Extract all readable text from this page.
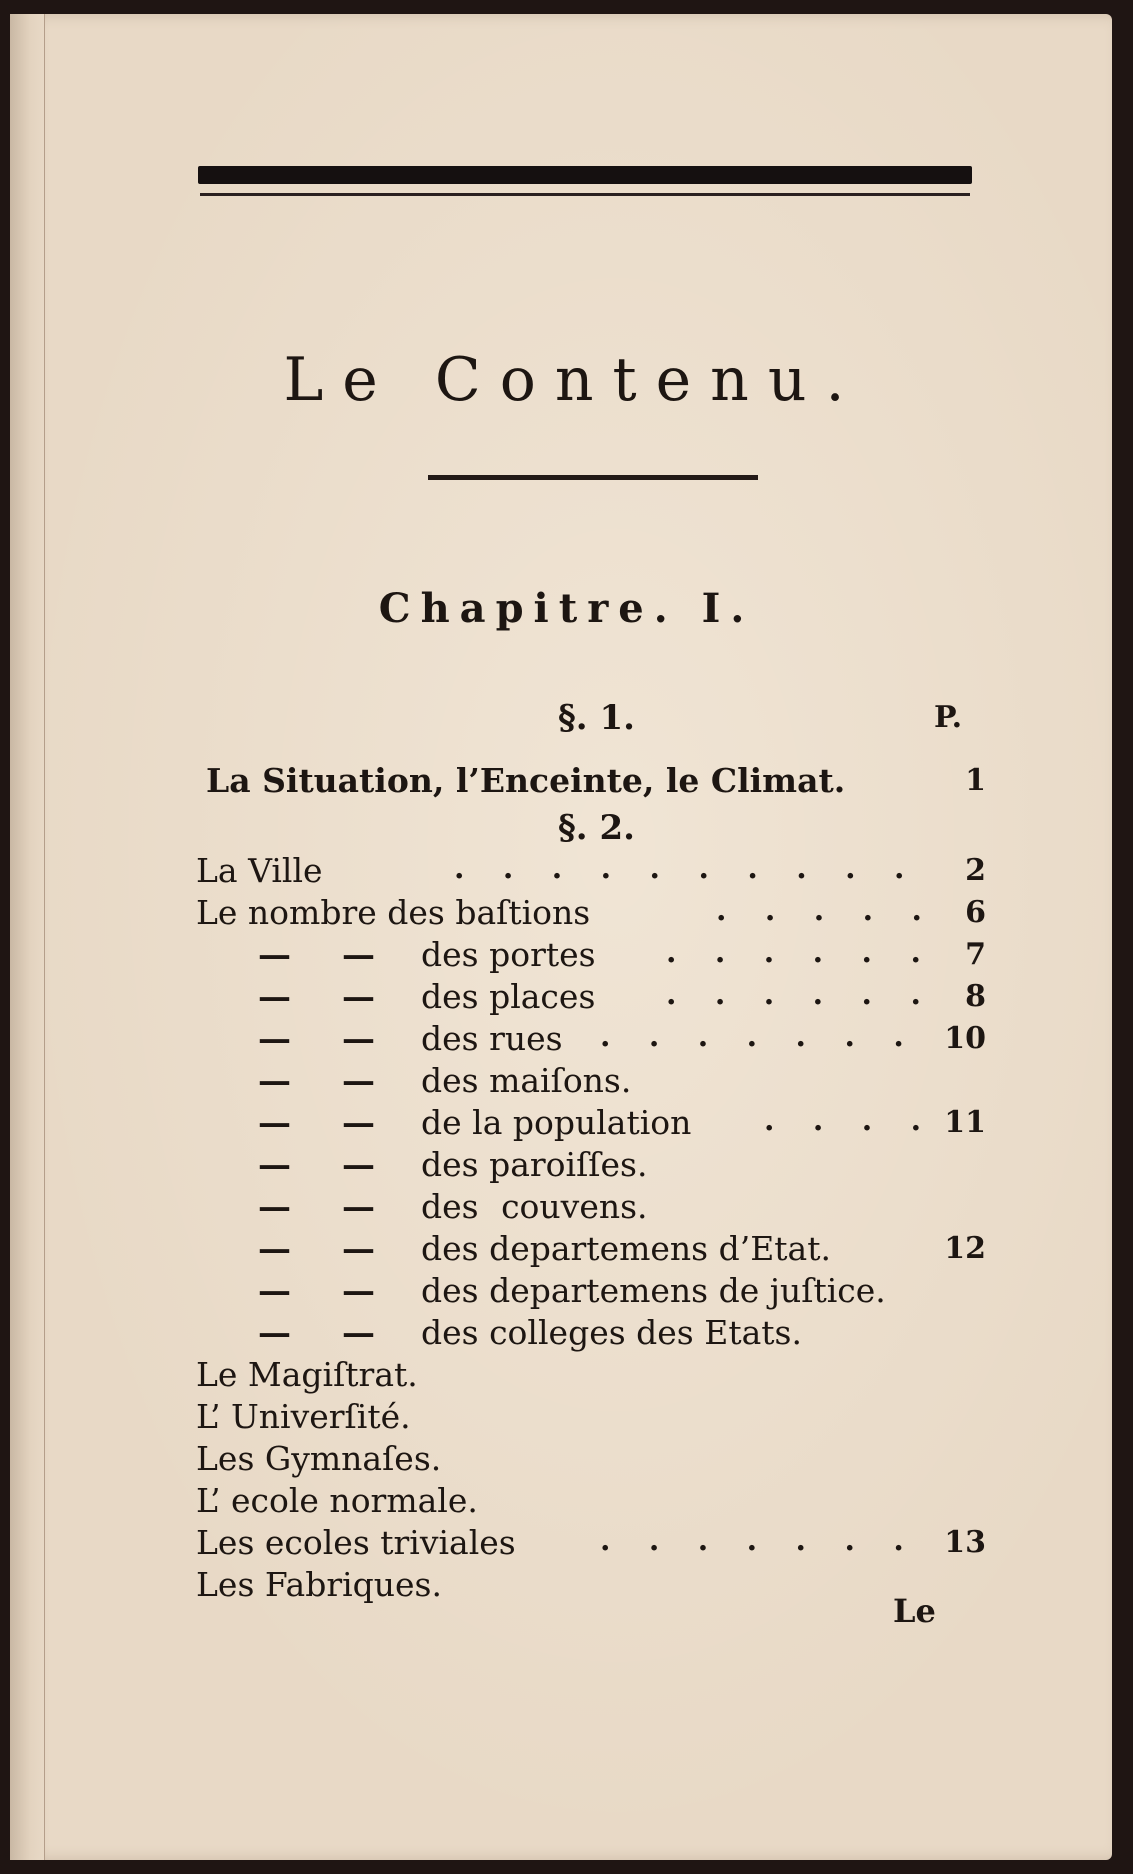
Le Contenu.
Chapitre. I.
§. 1.	P.
La Situation, l’Enceinte, le Climat.	1
§. 2.
La Ville	. . . . . . . . . .	2
Le nombre des baſtions	. . . . . 6
— — des portes . . . . . .	7
— — des places . . . . . .	8
— — des rues . . . . . . . 10
— — des maiſons.
— — de la population . . . . 11
— — des paroiſſes.
— — des couvens.
— — des departemens d’Etat.	12
— — des departemens de juſtice.
— — des colleges des Etats.
Le Magiſtrat.
L’ Univerſité.
Les Gymnaſes.
L’ ecole normale.
Les ecoles triviales	. . . . . . . 13
Les Fabriques.
Le
